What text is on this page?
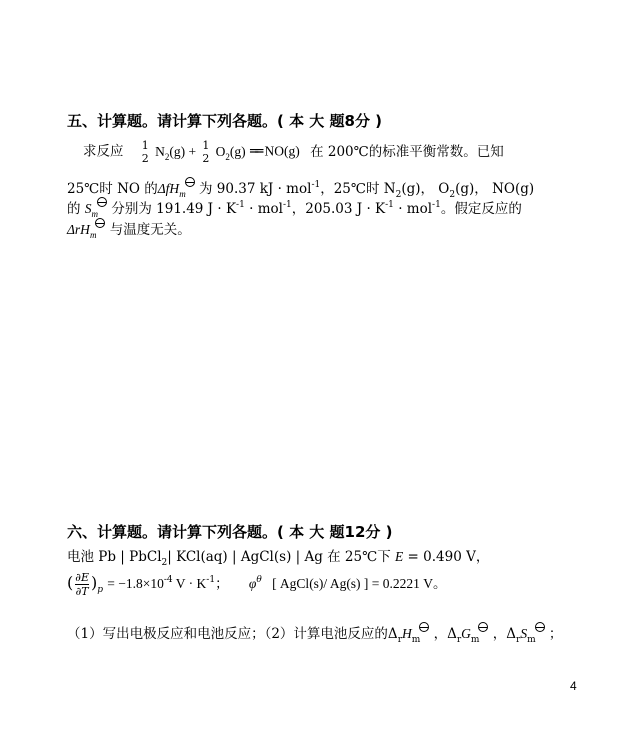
五、计算题。请计算下列各题。( 本 大 题8分 )
求反应 1
2 $N_2(g) + 1$
2 $O_2(g)$ ══ NO(g) 在 200℃的标准平衡常数。已知
25℃时 NO 的ΔfH$_m$ 为 90.37 kJ · mol$^{-1}$，25℃时 $N_2(g)$， $O_2(g)$， NO(g)
的 $S_m$ 分别为 191.49 $J \cdot K^{-1} \cdot mol^{-1}$，205.03 $J \cdot K^{-1} \cdot mol^{-1}$。假定反应的
ΔrH$_m$ 与温度无关。
六、计算题。请计算下列各题。( 本 大 题12分 )
电池 Pb | PbCl$_2$| KCl(aq) | AgCl(s) | Ag 在 25℃下 E = 0.490 V，
( $\frac{\partial E}{\partial T} )_p = -1.8\times 10^{-4}$ $V \cdot K^{-1}$； $\varphi^\theta$ [ AgCl(s)/ Ag(s) ] = 0.2221 V。
（1）写出电极反应和电池反应；（2）计算电池反应的$\Delta_rH_m$ ，$\Delta_rG_m$ ，$\Delta_rS_m$ ；
4
